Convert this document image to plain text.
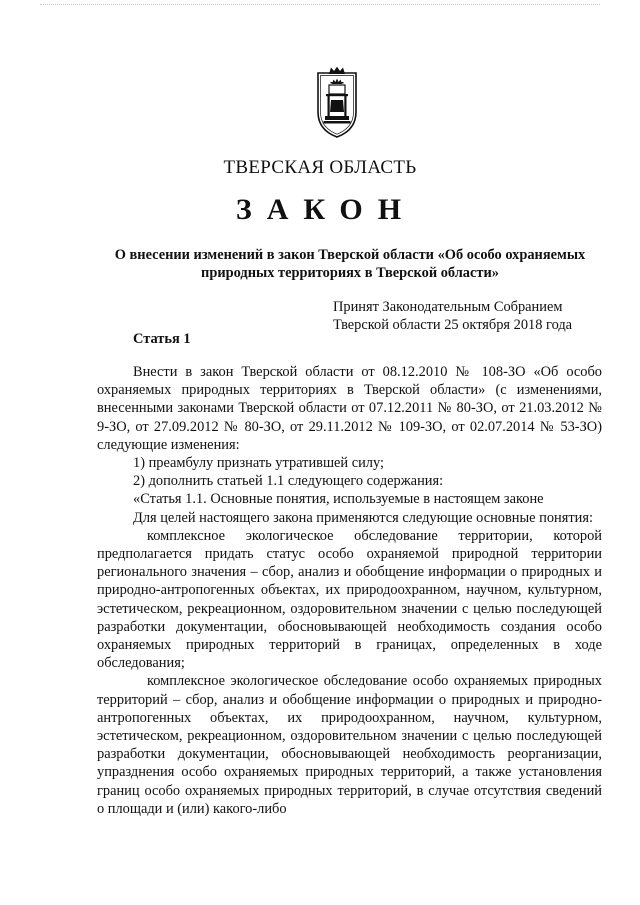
ТВЕРСКАЯ ОБЛАСТЬ
ЗАКОН
О внесении изменений в закон Тверской области «Об особо охраняемых природных территориях в Тверской области»
Принят Законодательным Собранием
Тверской области 25 октября 2018 года
Статья 1

Внести в закон Тверской области от 08.12.2010 № 108-ЗО «Об особо охраняемых природных территориях в Тверской области» (с изменениями, внесенными законами Тверской области от 07.12.2011 № 80-ЗО, от 21.03.2012 № 9-ЗО, от 27.09.2012 № 80-ЗО, от 29.11.2012 № 109-ЗО, от 02.07.2014 № 53-ЗО) следующие изменения:

1) преамбулу признать утратившей силу;

2) дополнить статьей 1.1 следующего содержания:

«Статья 1.1. Основные понятия, используемые в настоящем законе

Для целей настоящего закона применяются следующие основные понятия:

комплексное экологическое обследование территории, которой предполагается придать статус особо охраняемой природной территории регионального значения – сбор, анализ и обобщение информации о природных и природно-антропогенных объектах, их природоохранном, научном, культурном, эстетическом, рекреационном, оздоровительном значении с целью последующей разработки документации, обосновывающей необходимость создания особо охраняемых природных территорий в границах, определенных в ходе обследования;

комплексное экологическое обследование особо охраняемых природных территорий – сбор, анализ и обобщение информации о природных и природно-антропогенных объектах, их природоохранном, научном, культурном, эстетическом, рекреационном, оздоровительном значении с целью последующей разработки документации, обосновывающей необходимость реорганизации, упразднения особо охраняемых природных территорий, а также установления границ особо охраняемых природных территорий, в случае отсутствия сведений о площади и (или) какого-либо
